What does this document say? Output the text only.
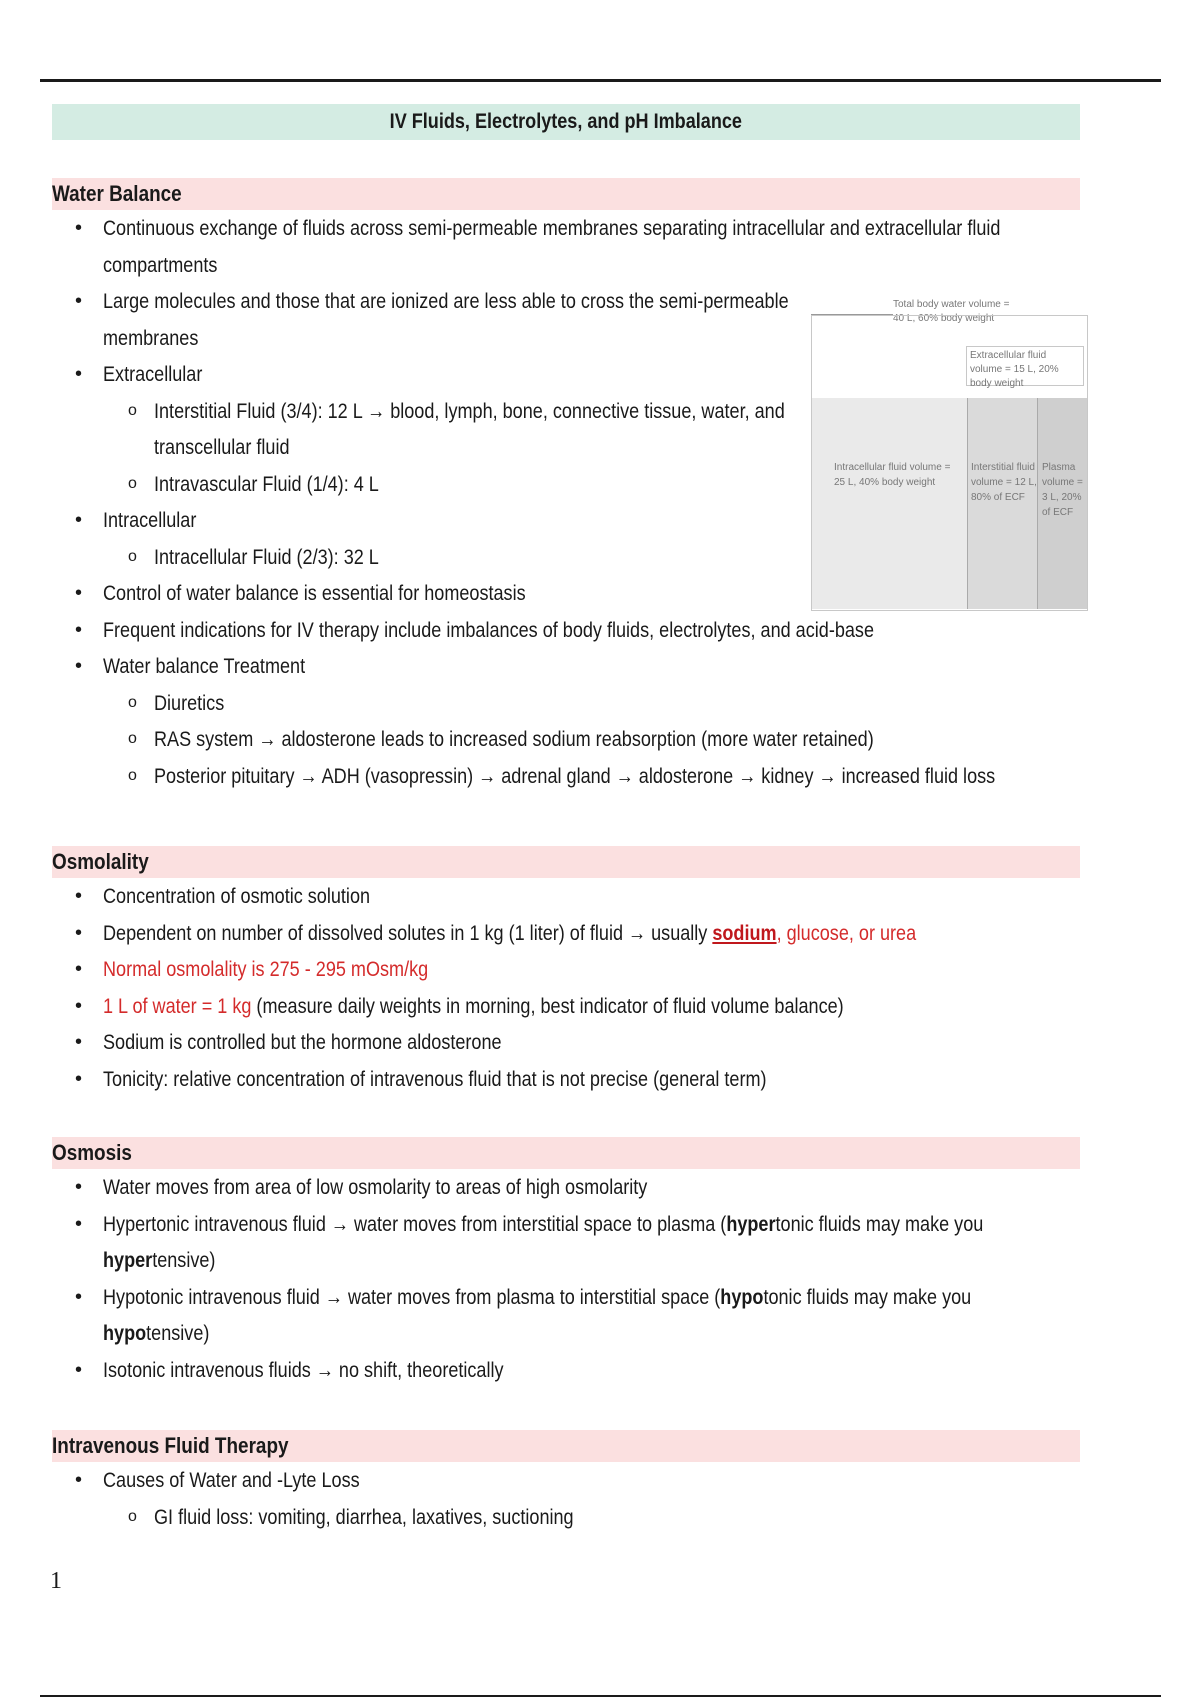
IV Fluids, Electrolytes, and pH Imbalance
Water Balance
• Continuous exchange of fluids across semi-permeable membranes separating intracellular and extracellular fluid
compartments
• Large molecules and those that are ionized are less able to cross the semi-permeable
membranes
• Extracellular
o Interstitial Fluid (3/4): 12 L → blood, lymph, bone, connective tissue, water, and
transcellular fluid
o Intravascular Fluid (1/4): 4 L
• Intracellular
o Intracellular Fluid (2/3): 32 L
• Control of water balance is essential for homeostasis
• Frequent indications for IV therapy include imbalances of body fluids, electrolytes, and acid-base
• Water balance Treatment
o Diuretics
o RAS system → aldosterone leads to increased sodium reabsorption (more water retained)
o Posterior pituitary → ADH (vasopressin) → adrenal gland → aldosterone → kidney → increased fluid loss
Total body water volume = 40 L, 60% body weight
Extracellular fluid volume = 15 L, 20% body weight
Intracellular fluid volume = 25 L, 40% body weight
Interstitial fluid volume = 12 L, 80% of ECF
Plasma volume = 3 L, 20% of ECF
Osmolality
• Concentration of osmotic solution
• Dependent on number of dissolved solutes in 1 kg (1 liter) of fluid → usually sodium, glucose, or urea
• Normal osmolality is 275 - 295 mOsm/kg
• 1 L of water = 1 kg (measure daily weights in morning, best indicator of fluid volume balance)
• Sodium is controlled but the hormone aldosterone
• Tonicity: relative concentration of intravenous fluid that is not precise (general term)
Osmosis
• Water moves from area of low osmolarity to areas of high osmolarity
• Hypertonic intravenous fluid → water moves from interstitial space to plasma (hypertonic fluids may make you
hypertensive)
• Hypotonic intravenous fluid → water moves from plasma to interstitial space (hypotonic fluids may make you
hypotensive)
• Isotonic intravenous fluids → no shift, theoretically
Intravenous Fluid Therapy
• Causes of Water and -Lyte Loss
o GI fluid loss: vomiting, diarrhea, laxatives, suctioning
1
